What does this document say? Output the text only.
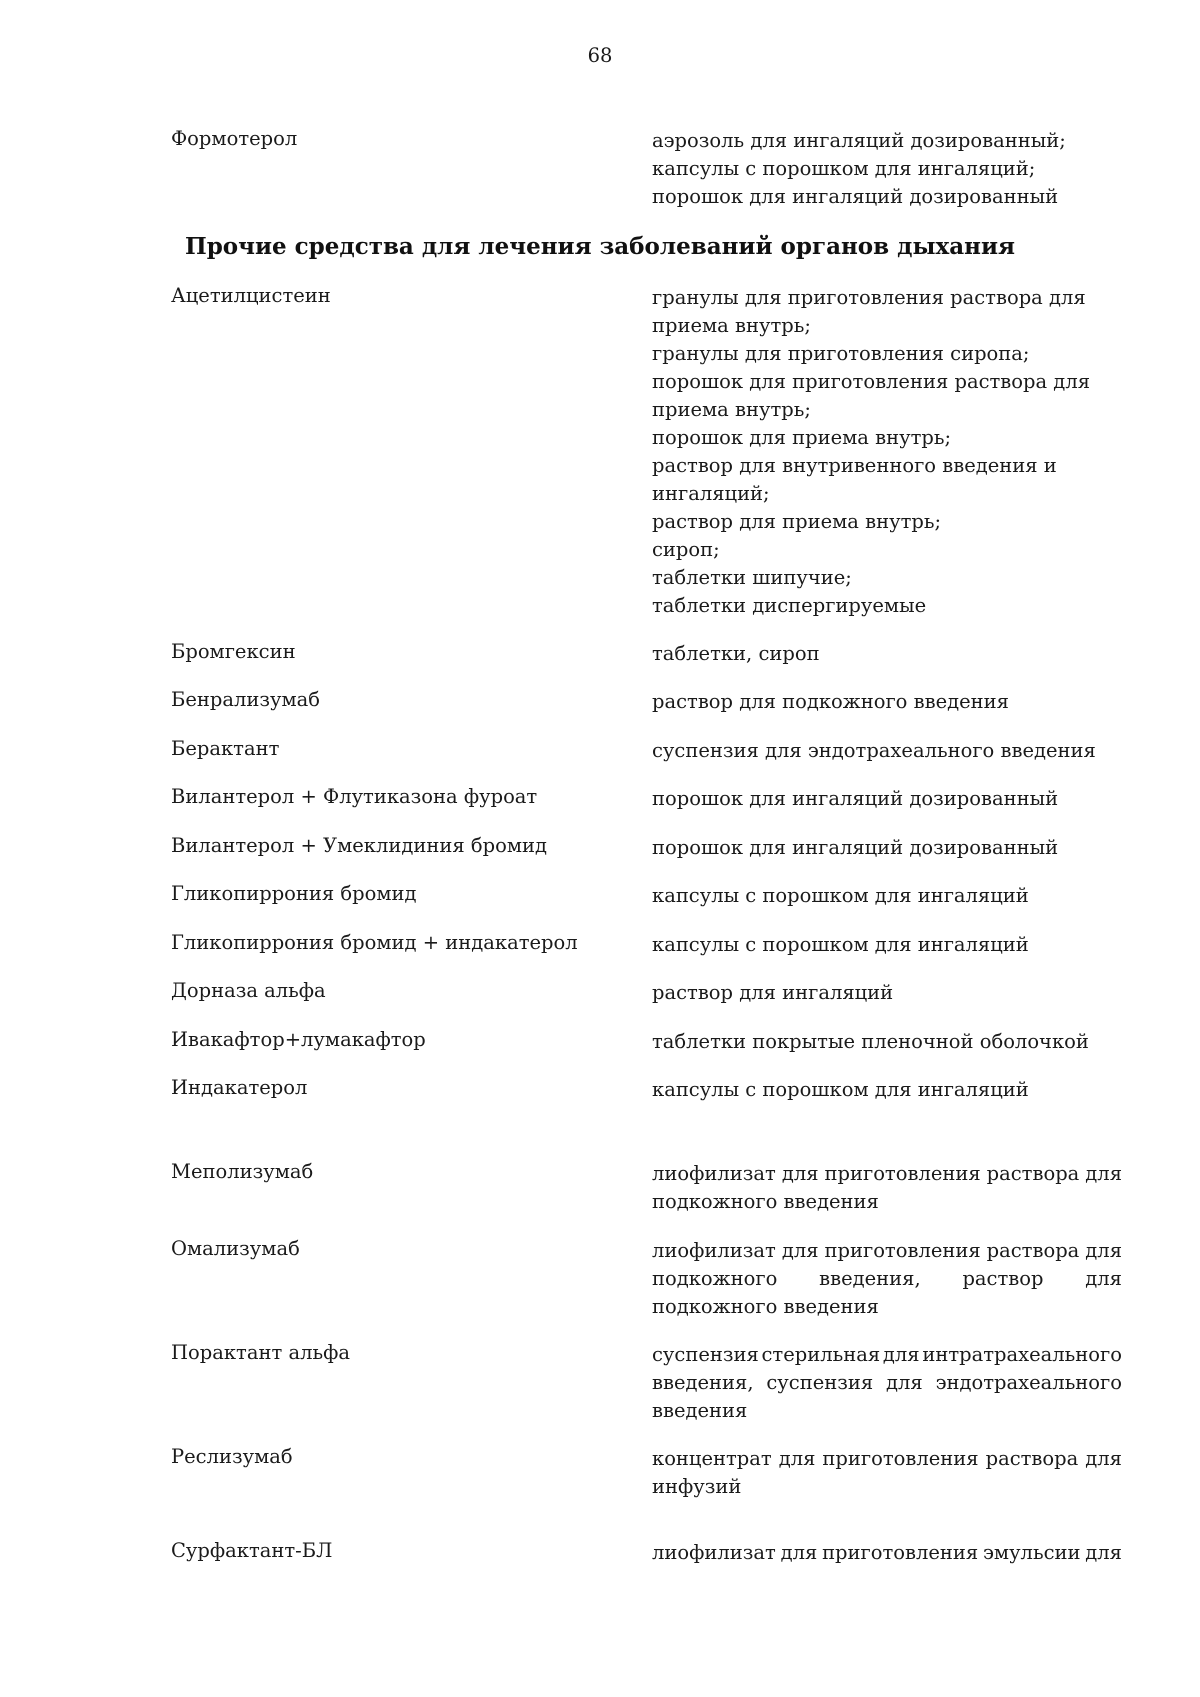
68
Формотерол	аэрозоль для ингаляций дозированный;
капсулы с порошком для ингаляций;
порошок для ингаляций дозированный
Прочие средства для лечения заболеваний органов дыхания
Ацетилцистеин	гранулы для приготовления раствора для
приема внутрь;
гранулы для приготовления сиропа;
порошок для приготовления раствора для
приема внутрь;
порошок для приема внутрь;
раствор для внутривенного введения и
ингаляций;
раствор для приема внутрь;
сироп;
таблетки шипучие;
таблетки диспергируемые
Бромгексин	таблетки, сироп
Бенрализумаб	раствор для подкожного введения
Берактант	суспензия для эндотрахеального введения
Вилантерол + Флутиказона фуроат	порошок для ингаляций дозированный
Вилантерол + Умеклидиния бромид	порошок для ингаляций дозированный
Гликопиррония бромид	капсулы с порошком для ингаляций
Гликопиррония бромид + индакатерол	капсулы с порошком для ингаляций
Дорназа альфа	раствор для ингаляций
Ивакафтор+лумакафтор	таблетки покрытые пленочной оболочкой
Индакатерол	капсулы с порошком для ингаляций
Меполизумаб	лиофилизат для приготовления раствора для
подкожного введения
Омализумаб	лиофилизат для приготовления раствора для
подкожного введения, раствор для
подкожного введения
Порактант альфа	суспензия стерильная для интратрахеального
введения, суспензия для эндотрахеального
введения
Реслизумаб	концентрат для приготовления раствора для
инфузий
Сурфактант-БЛ	лиофилизат для приготовления эмульсии для
